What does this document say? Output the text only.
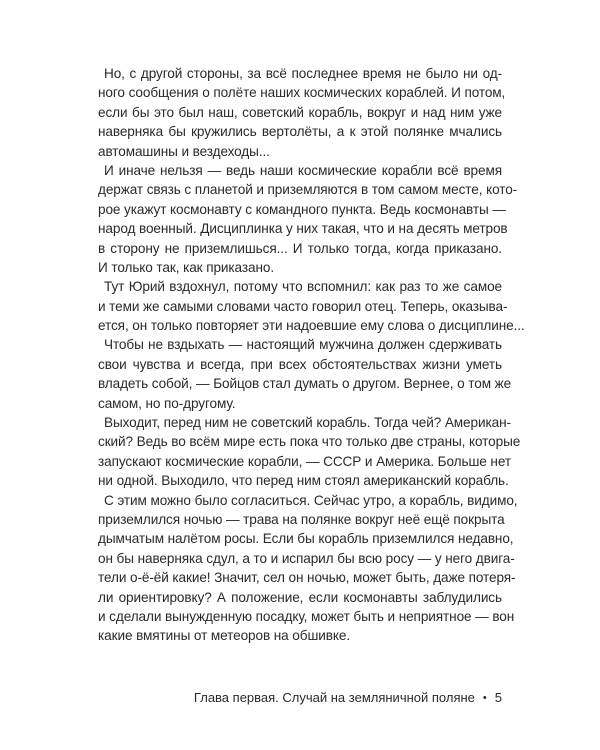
Но, с другой стороны, за всё последнее время не было ни од-
ного сообщения о полёте наших космических кораблей. И потом,
если бы это был наш, советский корабль, вокруг и над ним уже
наверняка бы кружились вертолёты, а к этой полянке мчались
автомашины и вездеходы...

И иначе нельзя — ведь наши космические корабли всё время
держат связь с планетой и приземляются в том самом месте, кото-
рое укажут космонавту с командного пункта. Ведь космонавты —
народ военный. Дисциплинка у них такая, что и на десять метров
в сторону не приземлишься... И только тогда, когда приказано.
И только так, как приказано.

Тут Юрий вздохнул, потому что вспомнил: как раз то же самое
и теми же самыми словами часто говорил отец. Теперь, оказыва-
ется, он только повторяет эти надоевшие ему слова о дисциплине...

Чтобы не вздыхать — настоящий мужчина должен сдерживать
свои чувства и всегда, при всех обстоятельствах жизни уметь
владеть собой, — Бойцов стал думать о другом. Вернее, о том же
самом, но по-другому.

Выходит, перед ним не советский корабль. Тогда чей? Американ-
ский? Ведь во всём мире есть пока что только две страны, которые
запускают космические корабли, — СССР и Америка. Больше нет
ни одной. Выходило, что перед ним стоял американский корабль.

С этим можно было согласиться. Сейчас утро, а корабль, видимо,
приземлился ночью — трава на полянке вокруг неё ещё покрыта
дымчатым налётом росы. Если бы корабль приземлился недавно,
он бы наверняка сдул, а то и испарил бы всю росу — у него двига-
тели о-ё-ёй какие! Значит, сел он ночью, может быть, даже потеря-
ли ориентировку? А положение, если космонавты заблудились
и сделали вынужденную посадку, может быть и неприятное — вон
какие вмятины от метеоров на обшивке.

Глава первая. Случай на земляничной поляне • 5
